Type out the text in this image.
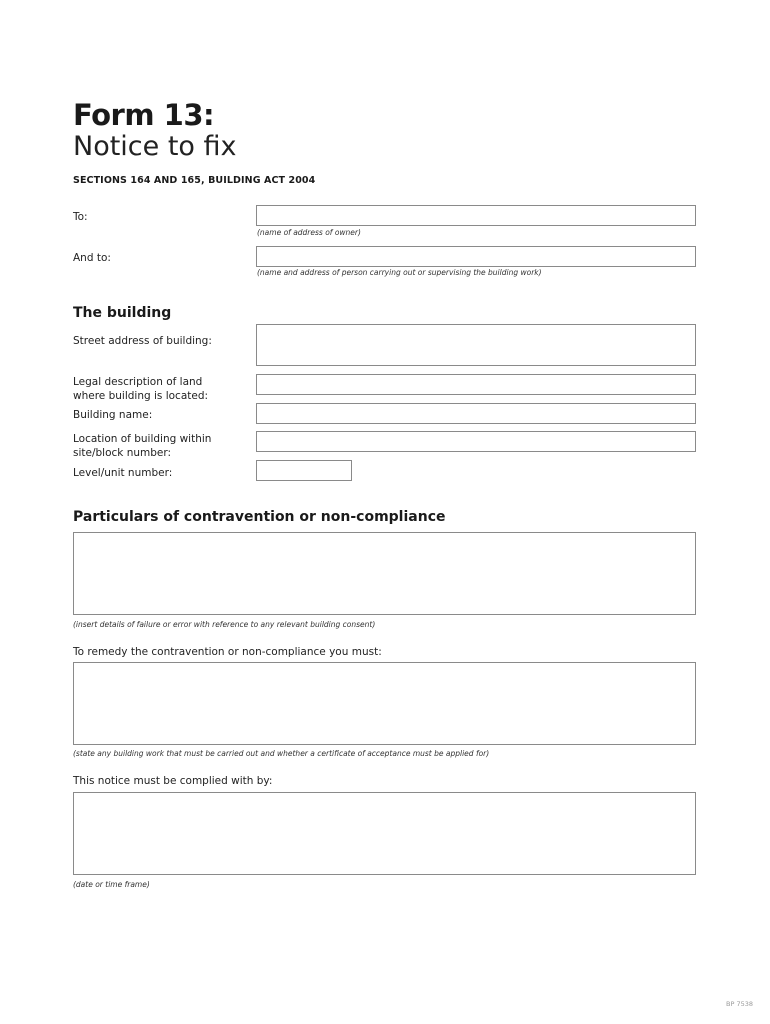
Form 13:
Notice to fix
SECTIONS 164 AND 165, BUILDING ACT 2004
To:
(name of address of owner)
And to:
(name and address of person carrying out or supervising the building work)
The building
Street address of building:
Legal description of land
where building is located:
Building name:
Location of building within
site/block number:
Level/unit number:
Particulars of contravention or non-compliance
(insert details of failure or error with reference to any relevant building consent)
To remedy the contravention or non-compliance you must:
(state any building work that must be carried out and whether a certificate of acceptance must be applied for)
This notice must be complied with by:
(date or time frame)
BP 7538
